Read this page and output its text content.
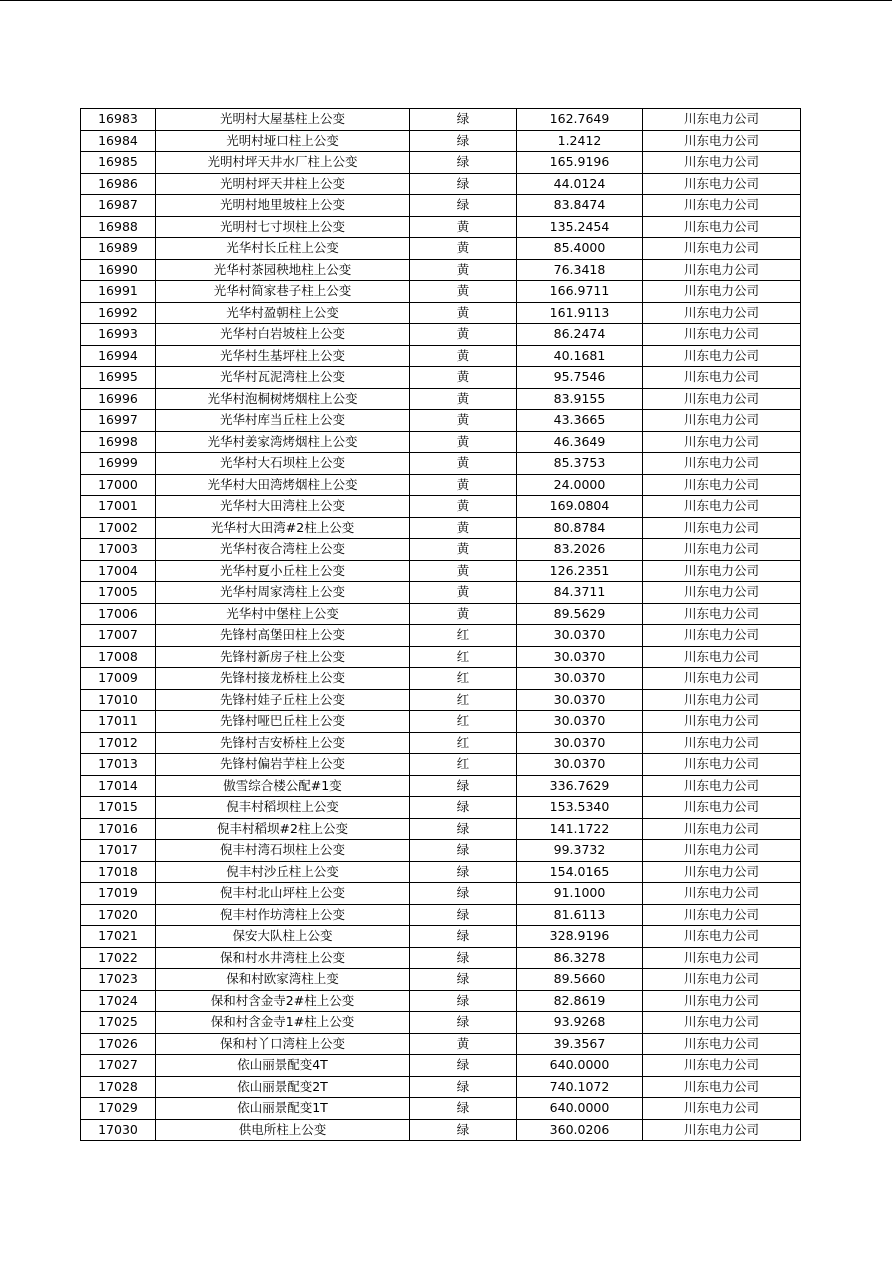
16983	光明村大屋基柱上公变	绿	162.7649	川东电力公司
16984	光明村垭口柱上公变	绿	1.2412	川东电力公司
16985	光明村坪天井水厂柱上公变	绿	165.9196	川东电力公司
16986	光明村坪天井柱上公变	绿	44.0124	川东电力公司
16987	光明村地里坡柱上公变	绿	83.8474	川东电力公司
16988	光明村七寸坝柱上公变	黄	135.2454	川东电力公司
16989	光华村长丘柱上公变	黄	85.4000	川东电力公司
16990	光华村茶园秧地柱上公变	黄	76.3418	川东电力公司
16991	光华村简家巷子柱上公变	黄	166.9711	川东电力公司
16992	光华村盈朝柱上公变	黄	161.9113	川东电力公司
16993	光华村白岩坡柱上公变	黄	86.2474	川东电力公司
16994	光华村生基坪柱上公变	黄	40.1681	川东电力公司
16995	光华村瓦泥湾柱上公变	黄	95.7546	川东电力公司
16996	光华村泡桐树烤烟柱上公变	黄	83.9155	川东电力公司
16997	光华村库当丘柱上公变	黄	43.3665	川东电力公司
16998	光华村姜家湾烤烟柱上公变	黄	46.3649	川东电力公司
16999	光华村大石坝柱上公变	黄	85.3753	川东电力公司
17000	光华村大田湾烤烟柱上公变	黄	24.0000	川东电力公司
17001	光华村大田湾柱上公变	黄	169.0804	川东电力公司
17002	光华村大田湾#2柱上公变	黄	80.8784	川东电力公司
17003	光华村夜合湾柱上公变	黄	83.2026	川东电力公司
17004	光华村夏小丘柱上公变	黄	126.2351	川东电力公司
17005	光华村周家湾柱上公变	黄	84.3711	川东电力公司
17006	光华村中堡柱上公变	黄	89.5629	川东电力公司
17007	先锋村高堡田柱上公变	红	30.0370	川东电力公司
17008	先锋村新房子柱上公变	红	30.0370	川东电力公司
17009	先锋村接龙桥柱上公变	红	30.0370	川东电力公司
17010	先锋村娃子丘柱上公变	红	30.0370	川东电力公司
17011	先锋村哑巴丘柱上公变	红	30.0370	川东电力公司
17012	先锋村吉安桥柱上公变	红	30.0370	川东电力公司
17013	先锋村偏岩芋柱上公变	红	30.0370	川东电力公司
17014	傲雪综合楼公配#1变	绿	336.7629	川东电力公司
17015	倪丰村稻坝柱上公变	绿	153.5340	川东电力公司
17016	倪丰村稻坝#2柱上公变	绿	141.1722	川东电力公司
17017	倪丰村湾石坝柱上公变	绿	99.3732	川东电力公司
17018	倪丰村沙丘柱上公变	绿	154.0165	川东电力公司
17019	倪丰村北山坪柱上公变	绿	91.1000	川东电力公司
17020	倪丰村作坊湾柱上公变	绿	81.6113	川东电力公司
17021	保安大队柱上公变	绿	328.9196	川东电力公司
17022	保和村水井湾柱上公变	绿	86.3278	川东电力公司
17023	保和村欧家湾柱上变	绿	89.5660	川东电力公司
17024	保和村含金寺2#柱上公变	绿	82.8619	川东电力公司
17025	保和村含金寺1#柱上公变	绿	93.9268	川东电力公司
17026	保和村丫口湾柱上公变	黄	39.3567	川东电力公司
17027	依山丽景配变4T	绿	640.0000	川东电力公司
17028	依山丽景配变2T	绿	740.1072	川东电力公司
17029	依山丽景配变1T	绿	640.0000	川东电力公司
17030	供电所柱上公变	绿	360.0206	川东电力公司
